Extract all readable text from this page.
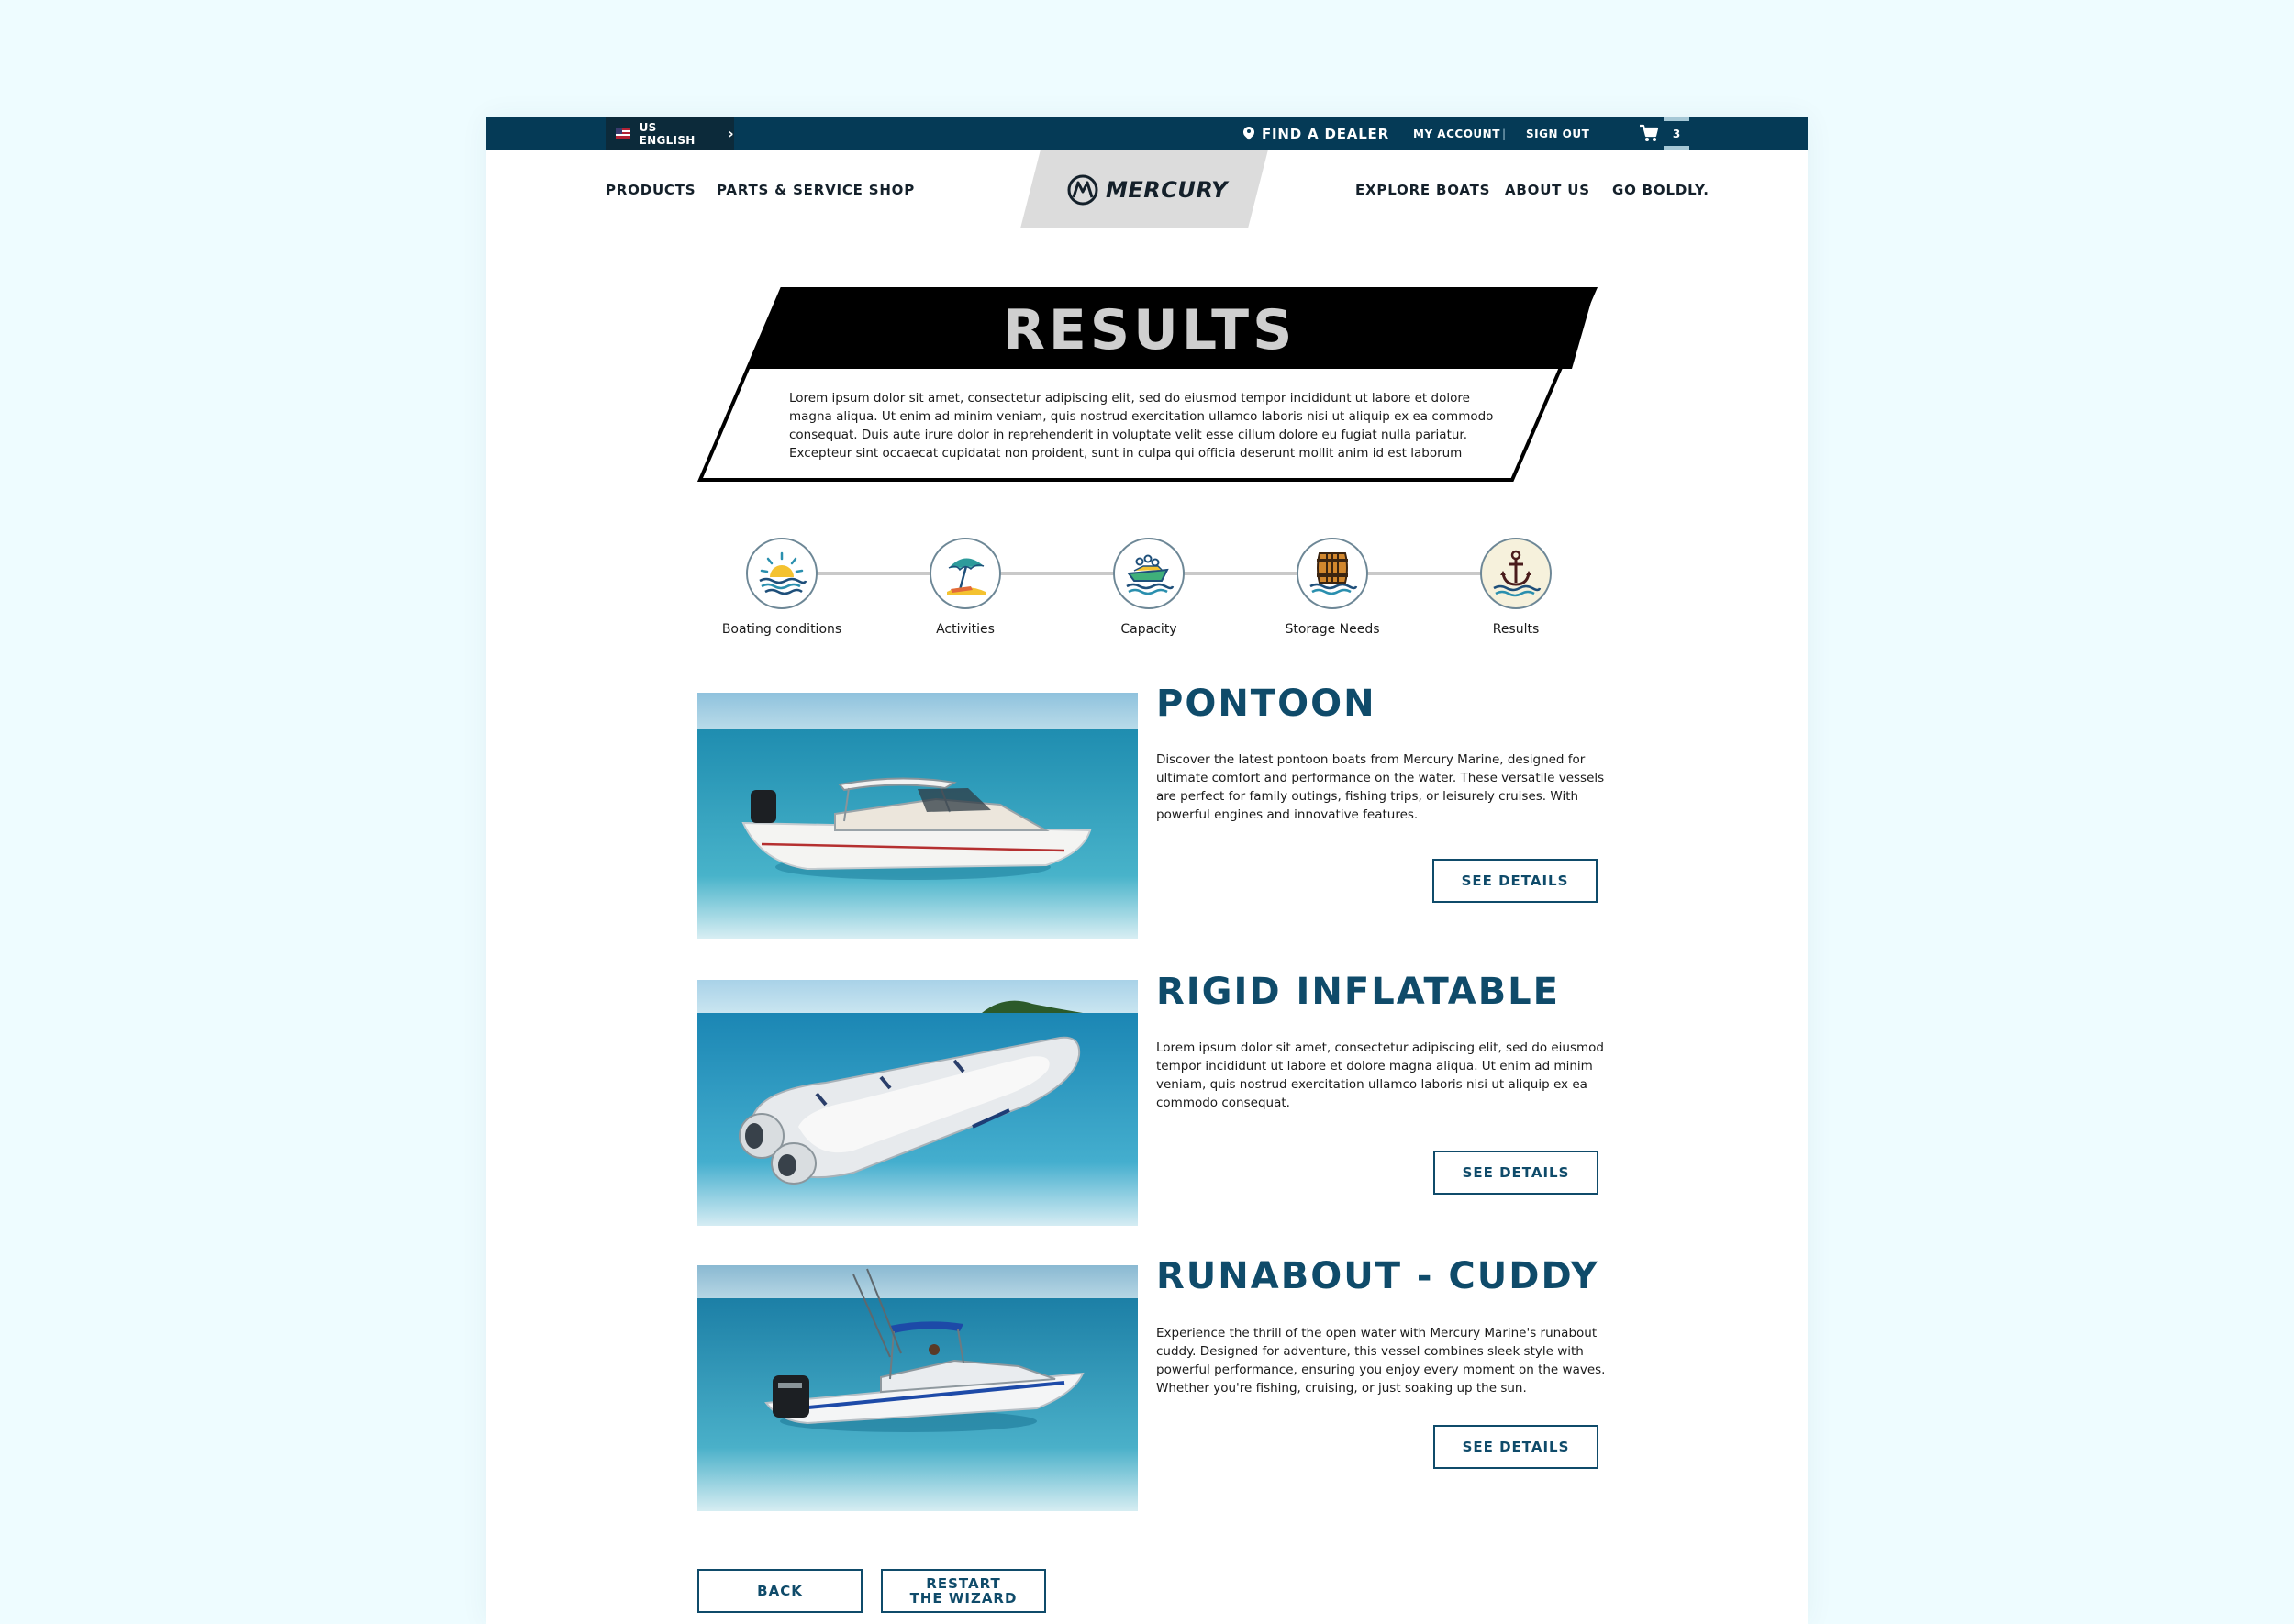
US ENGLISH	›	FIND A DEALER MY ACCOUNT | SIGN OUT	3
PRODUCTS PARTS & SERVICE SHOP	MERCURY	EXPLORE BOATS ABOUT US GO BOLDLY.
RESULTS
Lorem ipsum dolor sit amet, consectetur adipiscing elit, sed do eiusmod tempor incididunt ut labore et dolore magna aliqua. Ut enim ad minim veniam, quis nostrud exercitation ullamco laboris nisi ut aliquip ex ea commodo consequat. Duis aute irure dolor in reprehenderit in voluptate velit esse cillum dolore eu fugiat nulla pariatur. Excepteur sint occaecat cupidatat non proident, sunt in culpa qui officia deserunt mollit anim id est laborum
Boating conditions	Activities	Capacity	Storage Needs	Results
PONTOON
Discover the latest pontoon boats from Mercury Marine, designed for ultimate comfort and performance on the water. These versatile vessels are perfect for family outings, fishing trips, or leisurely cruises. With powerful engines and innovative features.
SEE DETAILS
RIGID INFLATABLE
Lorem ipsum dolor sit amet, consectetur adipiscing elit, sed do eiusmod tempor incididunt ut labore et dolore magna aliqua. Ut enim ad minim veniam, quis nostrud exercitation ullamco laboris nisi ut aliquip ex ea commodo consequat.
SEE DETAILS
RUNABOUT - CUDDY
Experience the thrill of the open water with Mercury Marine's runabout cuddy. Designed for adventure, this vessel combines sleek style with powerful performance, ensuring you enjoy every moment on the waves. Whether you're fishing, cruising, or just soaking up the sun.
SEE DETAILS
BACK	RESTART
THE WIZARD
